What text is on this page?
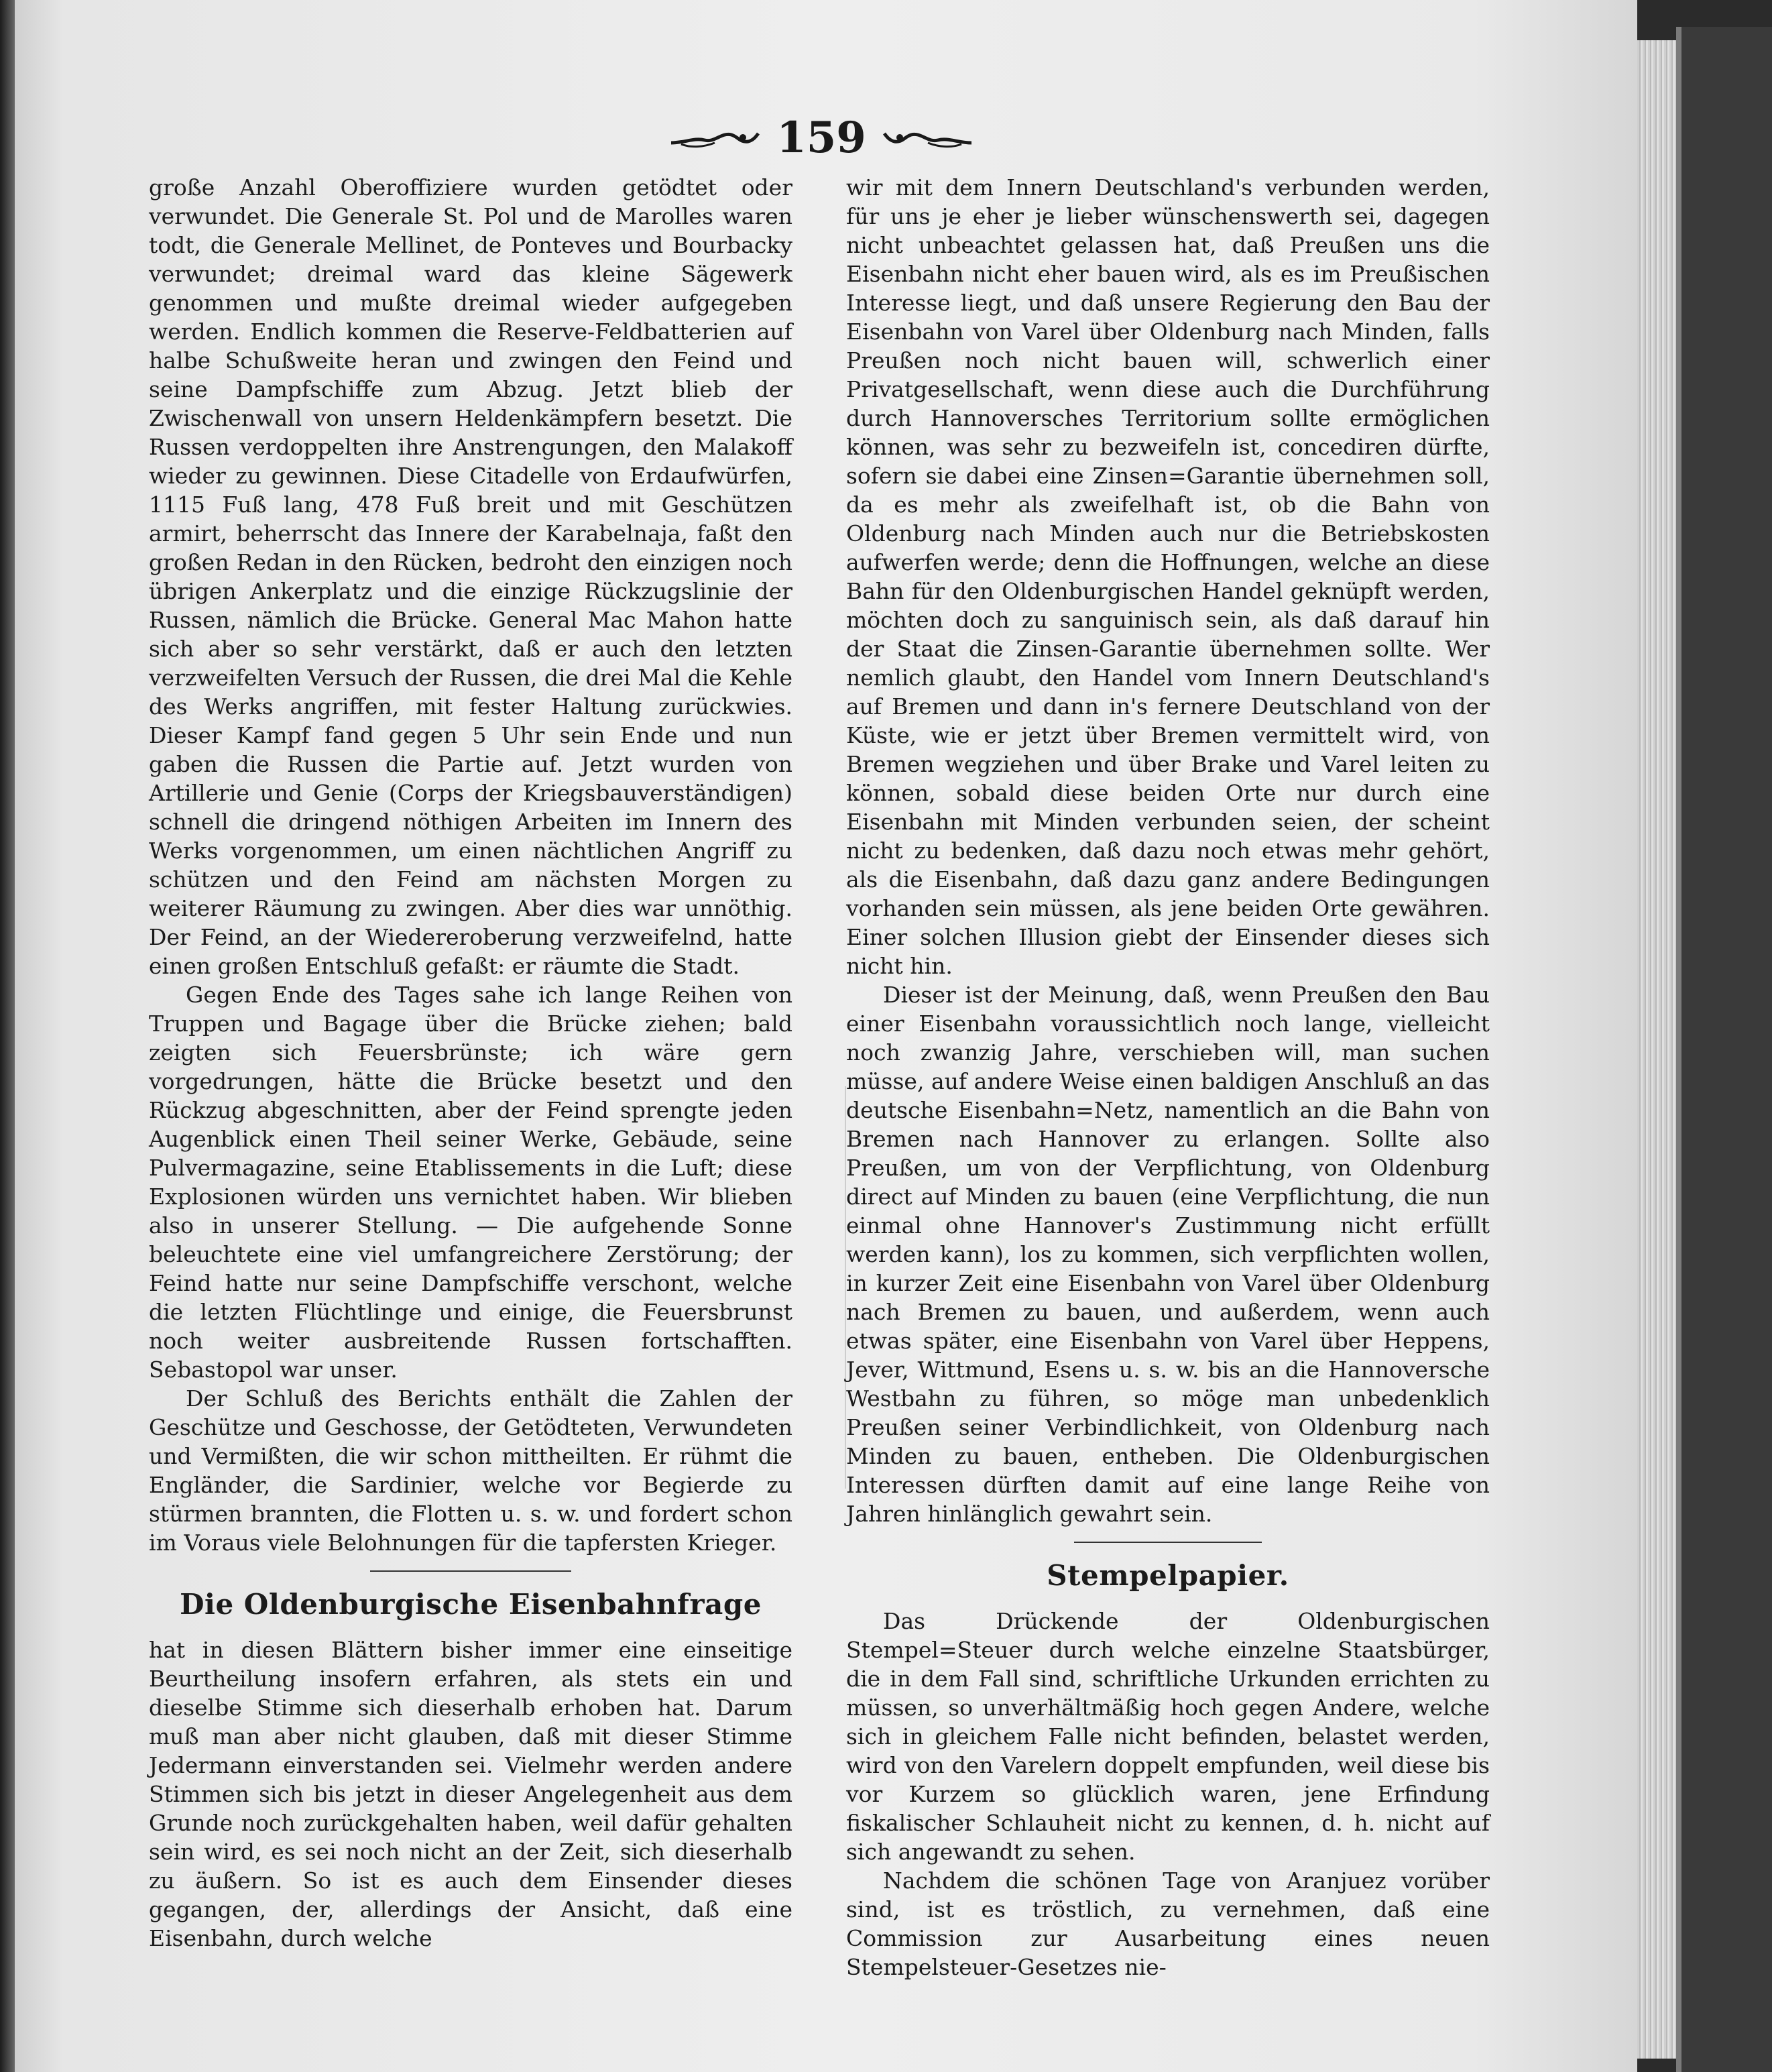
159

große Anzahl Oberoffiziere wurden getödtet oder verwundet. Die Generale St. Pol und de Marolles waren todt, die Generale Mellinet, de Ponteves und Bourbacky verwundet; dreimal ward das kleine Sägewerk genommen und mußte dreimal wieder aufgegeben werden. Endlich kommen die Reserve-Feldbatterien auf halbe Schußweite heran und zwingen den Feind und seine Dampfschiffe zum Abzug. Jetzt blieb der Zwischenwall von unsern Heldenkämpfern besetzt. Die Russen verdoppelten ihre Anstrengungen, den Malakoff wieder zu gewinnen. Diese Citadelle von Erdaufwürfen, 1115 Fuß lang, 478 Fuß breit und mit Geschützen armirt, beherrscht das Innere der Karabelnaja, faßt den großen Redan in den Rücken, bedroht den einzigen noch übrigen Ankerplatz und die einzige Rückzugslinie der Russen, nämlich die Brücke. General Mac Mahon hatte sich aber so sehr verstärkt, daß er auch den letzten verzweifelten Versuch der Russen, die drei Mal die Kehle des Werks angriffen, mit fester Haltung zurückwies. Dieser Kampf fand gegen 5 Uhr sein Ende und nun gaben die Russen die Partie auf. Jetzt wurden von Artillerie und Genie (Corps der Kriegsbauverständigen) schnell die dringend nöthigen Arbeiten im Innern des Werks vorgenommen, um einen nächtlichen Angriff zu schützen und den Feind am nächsten Morgen zu weiterer Räumung zu zwingen. Aber dies war unnöthig. Der Feind, an der Wiedereroberung verzweifelnd, hatte einen großen Entschluß gefaßt: er räumte die Stadt.

Gegen Ende des Tages sahe ich lange Reihen von Truppen und Bagage über die Brücke ziehen; bald zeigten sich Feuersbrünste; ich wäre gern vorgedrungen, hätte die Brücke besetzt und den Rückzug abgeschnitten, aber der Feind sprengte jeden Augenblick einen Theil seiner Werke, Gebäude, seine Pulvermagazine, seine Etablissements in die Luft; diese Explosionen würden uns vernichtet haben. Wir blieben also in unserer Stellung. — Die aufgehende Sonne beleuchtete eine viel umfangreichere Zerstörung; der Feind hatte nur seine Dampfschiffe verschont, welche die letzten Flüchtlinge und einige, die Feuersbrunst noch weiter ausbreitende Russen fortschafften. Sebastopol war unser.

Der Schluß des Berichts enthält die Zahlen der Geschütze und Geschosse, der Getödteten, Verwundeten und Vermißten, die wir schon mittheilten. Er rühmt die Engländer, die Sardinier, welche vor Begierde zu stürmen brannten, die Flotten u. s. w. und fordert schon im Voraus viele Belohnungen für die tapfersten Krieger.

Die Oldenburgische Eisenbahnfrage

hat in diesen Blättern bisher immer eine einseitige Beurtheilung insofern erfahren, als stets ein und dieselbe Stimme sich dieserhalb erhoben hat. Darum muß man aber nicht glauben, daß mit dieser Stimme Jedermann einverstanden sei. Vielmehr werden andere Stimmen sich bis jetzt in dieser Angelegenheit aus dem Grunde noch zurückgehalten haben, weil dafür gehalten sein wird, es sei noch nicht an der Zeit, sich dieserhalb zu äußern. So ist es auch dem Einsender dieses gegangen, der, allerdings der Ansicht, daß eine Eisenbahn, durch welche

wir mit dem Innern Deutschland's verbunden werden, für uns je eher je lieber wünschenswerth sei, dagegen nicht unbeachtet gelassen hat, daß Preußen uns die Eisenbahn nicht eher bauen wird, als es im Preußischen Interesse liegt, und daß unsere Regierung den Bau der Eisenbahn von Varel über Oldenburg nach Minden, falls Preußen noch nicht bauen will, schwerlich einer Privatgesellschaft, wenn diese auch die Durchführung durch Hannoversches Territorium sollte ermöglichen können, was sehr zu bezweifeln ist, concediren dürfte, sofern sie dabei eine Zinsen=Garantie übernehmen soll, da es mehr als zweifelhaft ist, ob die Bahn von Oldenburg nach Minden auch nur die Betriebskosten aufwerfen werde; denn die Hoffnungen, welche an diese Bahn für den Oldenburgischen Handel geknüpft werden, möchten doch zu sanguinisch sein, als daß darauf hin der Staat die Zinsen-Garantie übernehmen sollte. Wer nemlich glaubt, den Handel vom Innern Deutschland's auf Bremen und dann in's fernere Deutschland von der Küste, wie er jetzt über Bremen vermittelt wird, von Bremen wegziehen und über Brake und Varel leiten zu können, sobald diese beiden Orte nur durch eine Eisenbahn mit Minden verbunden seien, der scheint nicht zu bedenken, daß dazu noch etwas mehr gehört, als die Eisenbahn, daß dazu ganz andere Bedingungen vorhanden sein müssen, als jene beiden Orte gewähren. Einer solchen Illusion giebt der Einsender dieses sich nicht hin.

Dieser ist der Meinung, daß, wenn Preußen den Bau einer Eisenbahn voraussichtlich noch lange, vielleicht noch zwanzig Jahre, verschieben will, man suchen müsse, auf andere Weise einen baldigen Anschluß an das deutsche Eisenbahn=Netz, namentlich an die Bahn von Bremen nach Hannover zu erlangen. Sollte also Preußen, um von der Verpflichtung, von Oldenburg direct auf Minden zu bauen (eine Verpflichtung, die nun einmal ohne Hannover's Zustimmung nicht erfüllt werden kann), los zu kommen, sich verpflichten wollen, in kurzer Zeit eine Eisenbahn von Varel über Oldenburg nach Bremen zu bauen, und außerdem, wenn auch etwas später, eine Eisenbahn von Varel über Heppens, Jever, Wittmund, Esens u. s. w. bis an die Hannoversche Westbahn zu führen, so möge man unbedenklich Preußen seiner Verbindlichkeit, von Oldenburg nach Minden zu bauen, entheben. Die Oldenburgischen Interessen dürften damit auf eine lange Reihe von Jahren hinlänglich gewahrt sein.

Stempelpapier.

Das Drückende der Oldenburgischen Stempel=Steuer durch welche einzelne Staatsbürger, die in dem Fall sind, schriftliche Urkunden errichten zu müssen, so unverhältmäßig hoch gegen Andere, welche sich in gleichem Falle nicht befinden, belastet werden, wird von den Varelern doppelt empfunden, weil diese bis vor Kurzem so glücklich waren, jene Erfindung fiskalischer Schlauheit nicht zu kennen, d. h. nicht auf sich angewandt zu sehen.

Nachdem die schönen Tage von Aranjuez vorüber sind, ist es tröstlich, zu vernehmen, daß eine Commission zur Ausarbeitung eines neuen Stempelsteuer-Gesetzes nie-
